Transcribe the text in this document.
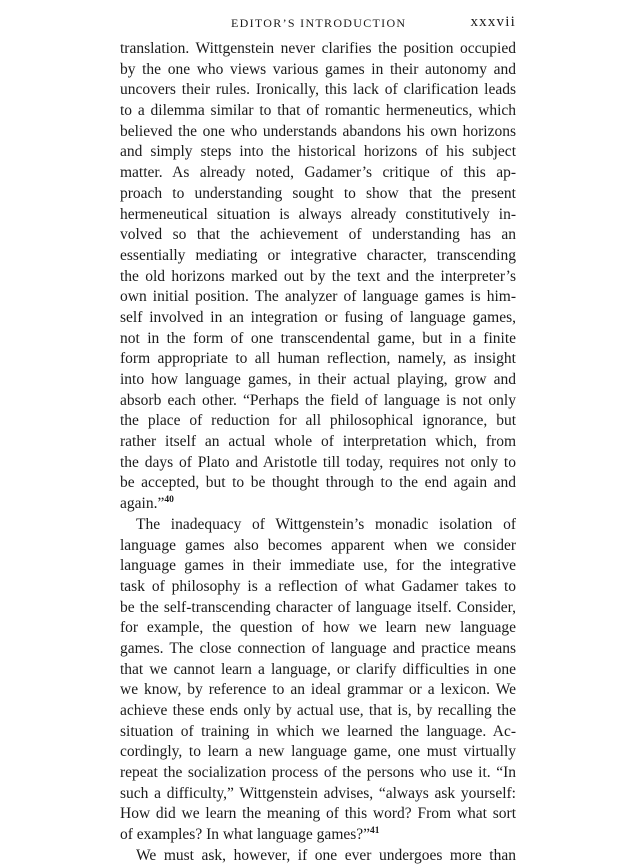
EDITOR’S INTRODUCTION	xxxvii
translation. Wittgenstein never clarifies the position occupied
by the one who views various games in their autonomy and
uncovers their rules. Ironically, this lack of clarification leads
to a dilemma similar to that of romantic hermeneutics, which
believed the one who understands abandons his own horizons
and simply steps into the historical horizons of his subject
matter. As already noted, Gadamer’s critique of this ap-
proach to understanding sought to show that the present
hermeneutical situation is always already constitutively in-
volved so that the achievement of understanding has an
essentially mediating or integrative character, transcending
the old horizons marked out by the text and the interpreter’s
own initial position. The analyzer of language games is him-
self involved in an integration or fusing of language games,
not in the form of one transcendental game, but in a finite
form appropriate to all human reflection, namely, as insight
into how language games, in their actual playing, grow and
absorb each other. “Perhaps the field of language is not only
the place of reduction for all philosophical ignorance, but
rather itself an actual whole of interpretation which, from
the days of Plato and Aristotle till today, requires not only to
be accepted, but to be thought through to the end again and
again.”$^{40}$
The inadequacy of Wittgenstein’s monadic isolation of
language games also becomes apparent when we consider
language games in their immediate use, for the integrative
task of philosophy is a reflection of what Gadamer takes to
be the self-transcending character of language itself. Consider,
for example, the question of how we learn new language
games. The close connection of language and practice means
that we cannot learn a language, or clarify difficulties in one
we know, by reference to an ideal grammar or a lexicon. We
achieve these ends only by actual use, that is, by recalling the
situation of training in which we learned the language. Ac-
cordingly, to learn a new language game, one must virtually
repeat the socialization process of the persons who use it. “In
such a difficulty,” Wittgenstein advises, “always ask yourself:
How did we learn the meaning of this word? From what sort
of examples? In what language games?”$^{41}$
We must ask, however, if one ever undergoes more than
